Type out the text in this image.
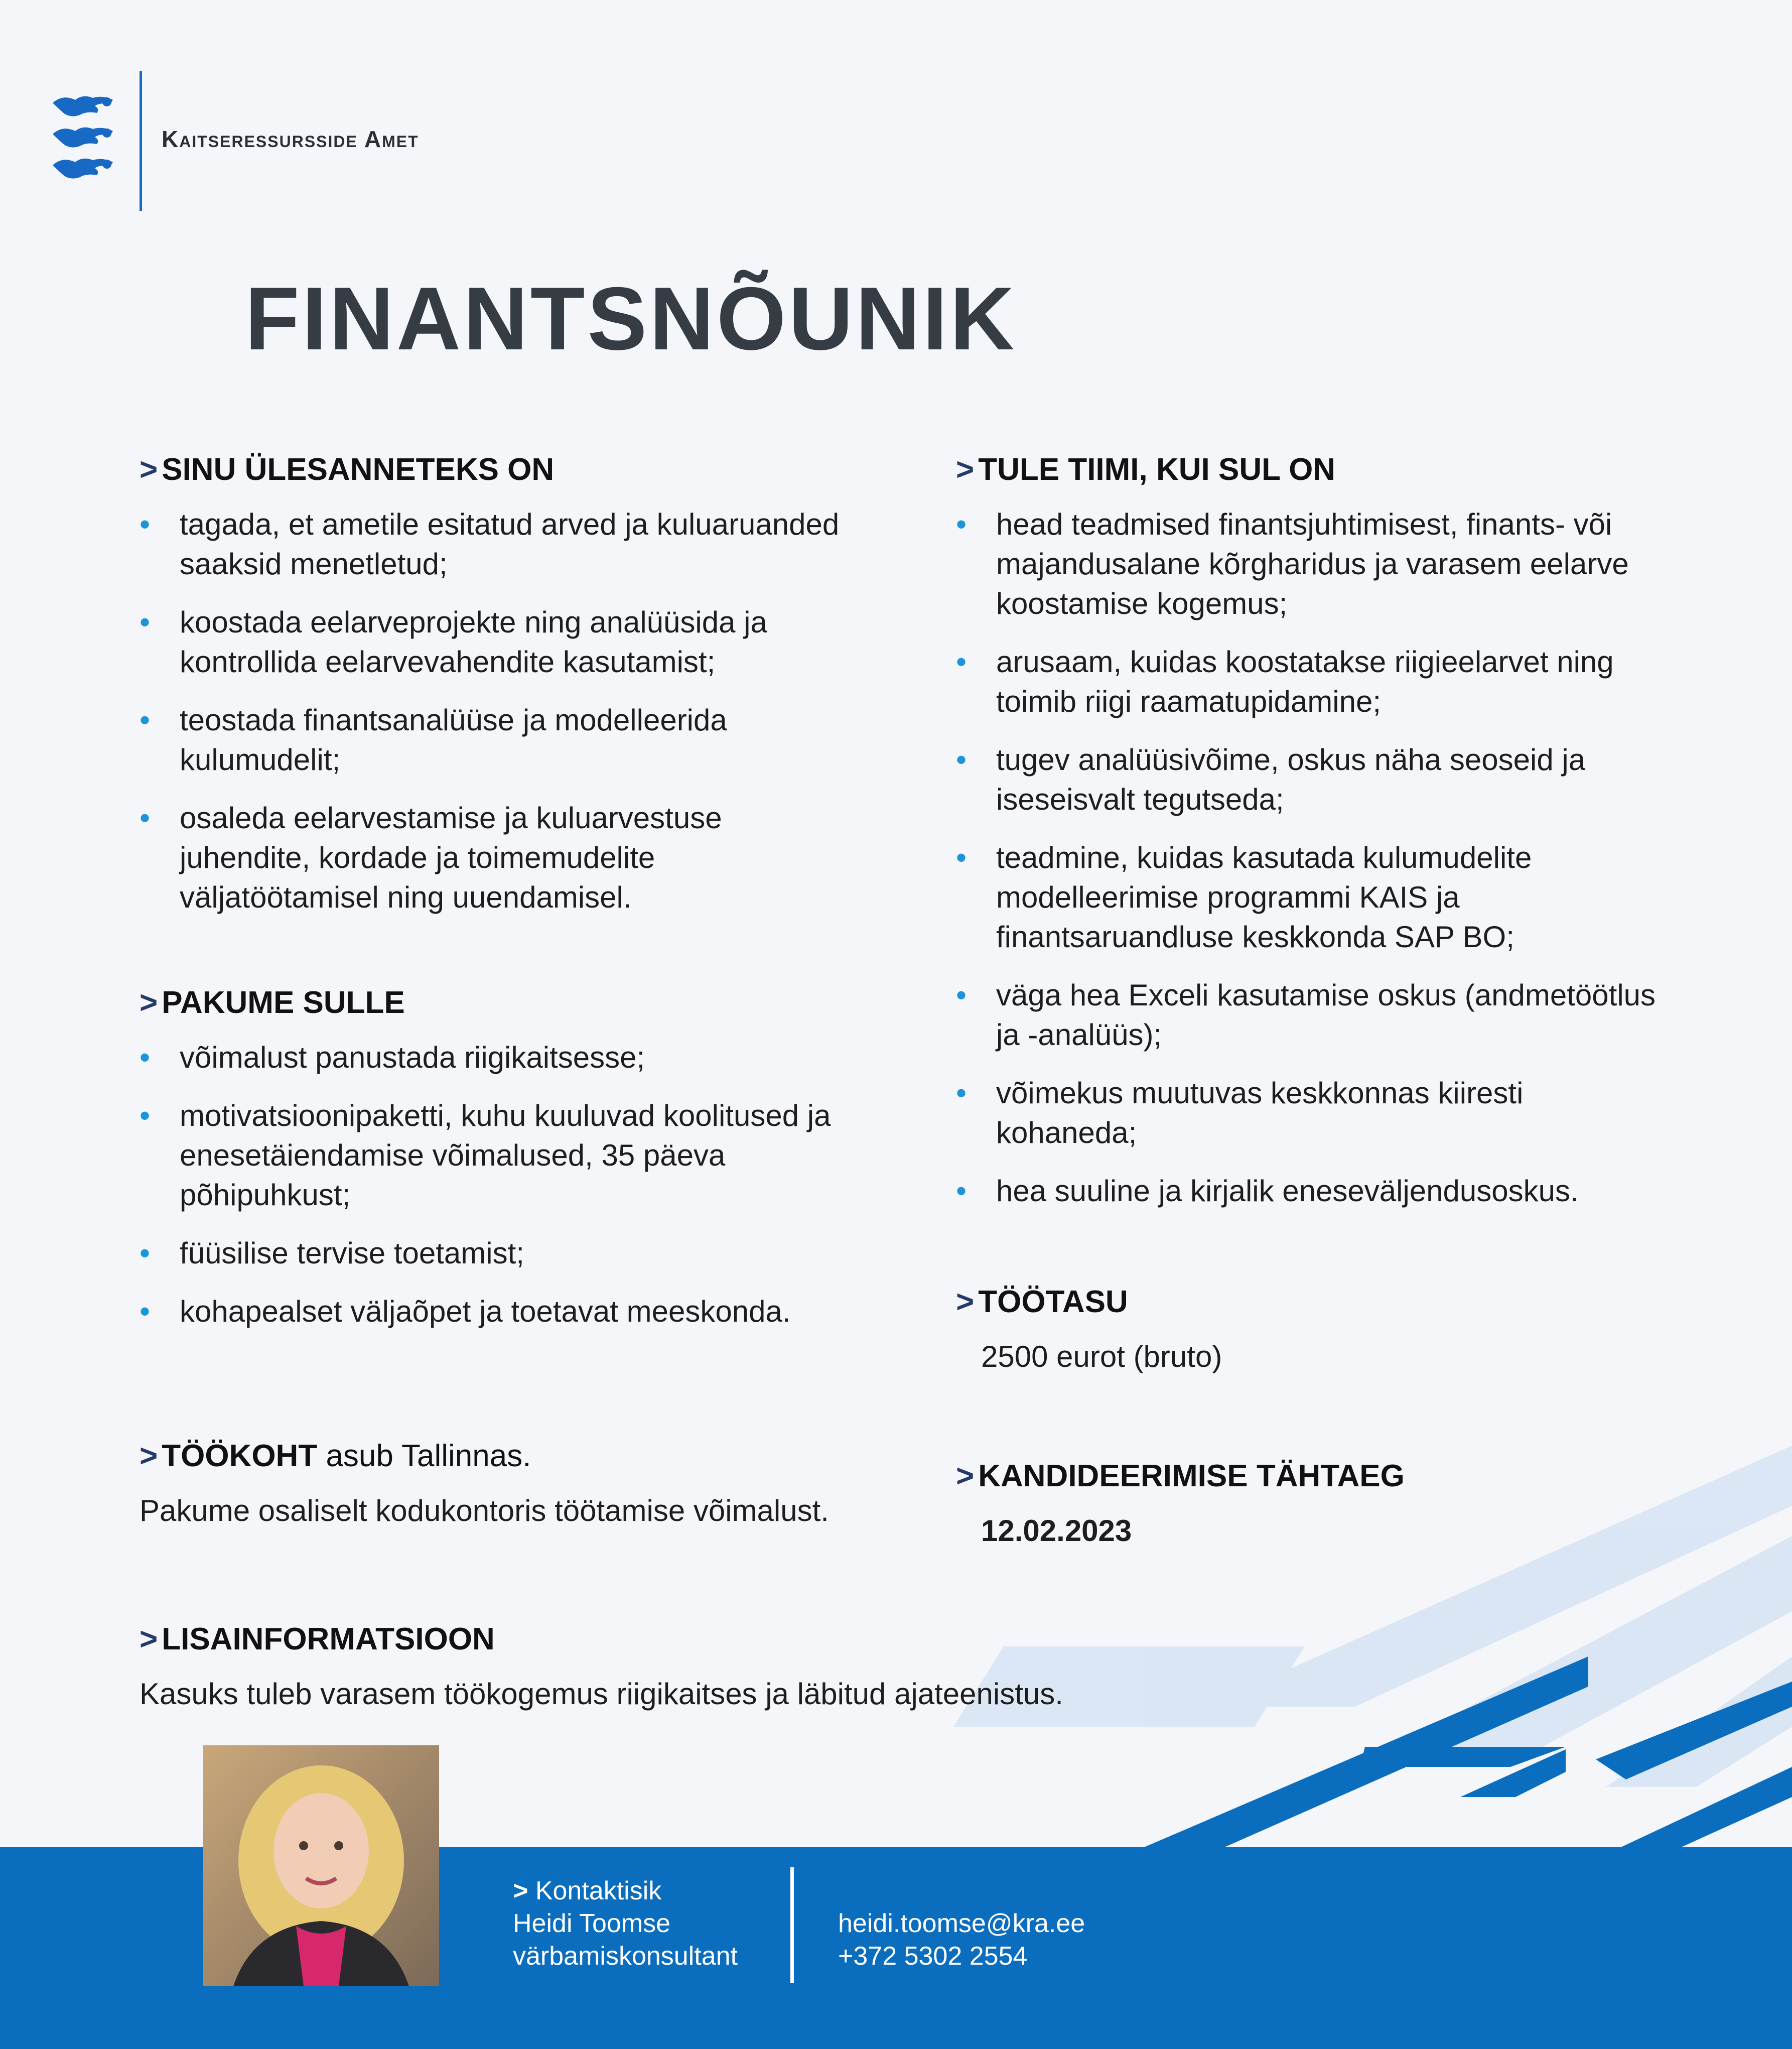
Kaitseressursside Amet
FINANTSNÕUNIK

> SINU ÜLESANNETEKS ON

• tagada, et ametile esitatud arved ja kuluaruanded saaksid menetletud;
• koostada eelarveprojekte ning analüüsida ja kontrollida eelarvevahendite kasutamist;
• teostada finantsanalüüse ja modelleerida kulumudelit;
• osaleda eelarvestamise ja kuluarvestuse juhendite, kordade ja toimemudelite väljatöötamisel ning uuendamisel.

> PAKUME SULLE

• võimalust panustada riigikaitsesse;
• motivatsioonipaketti, kuhu kuuluvad koolitused ja enesetäiendamise võimalused, 35 päeva põhipuhkust;
• füüsilise tervise toetamist;
• kohapealset väljaõpet ja toetavat meeskonda.

> TÖÖKOHT asub Tallinnas.

Pakume osaliselt kodukontoris töötamise võimalust.

> TULE TIIMI, KUI SUL ON

• head teadmised finantsjuhtimisest, finants- või majandusalane kõrgharidus ja varasem eelarve koostamise kogemus;
• arusaam, kuidas koostatakse riigieelarvet ning toimib riigi raamatupidamine;
• tugev analüüsivõime, oskus näha seoseid ja iseseisvalt tegutseda;
• teadmine, kuidas kasutada kulumudelite modelleerimise programmi KAIS ja finantsaruandluse keskkonda SAP BO;
• väga hea Exceli kasutamise oskus (andmetöötlus ja -analüüs);
• võimekus muutuvas keskkonnas kiiresti kohaneda;
• hea suuline ja kirjalik eneseväljendusoskus.

> TÖÖTASU

2500 eurot (bruto)

> KANDIDEERIMISE TÄHTAEG

12.02.2023

> LISAINFORMATSIOON

Kasuks tuleb varasem töökogemus riigikaitses ja läbitud ajateenistus.

> Kontaktisik
Heidi Toomse
värbamiskonsultant
heidi.toomse@kra.ee
+372 5302 2554
